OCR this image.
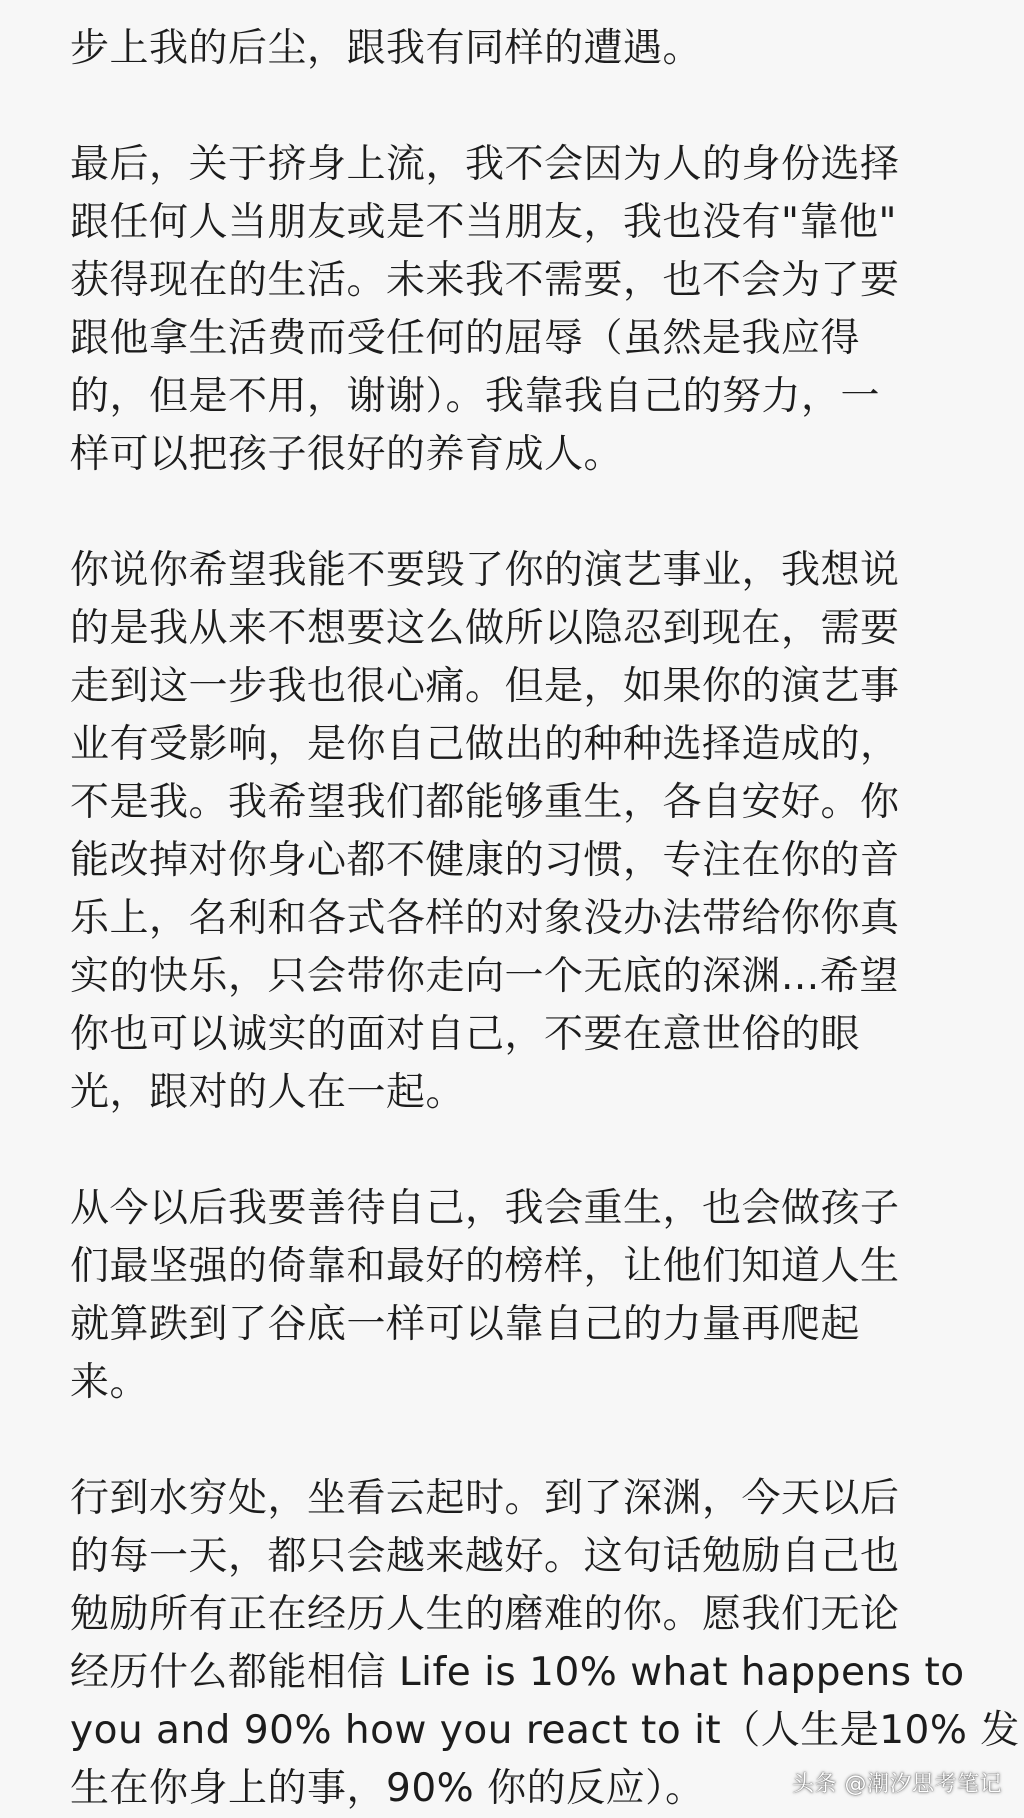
步上我的后尘，跟我有同样的遭遇。
最后，关于挤身上流，我不会因为人的身份选择
跟任何人当朋友或是不当朋友，我也没有"靠他"
获得现在的生活。未来我不需要，也不会为了要
跟他拿生活费而受任何的屈辱（虽然是我应得
的，但是不用，谢谢）。我靠我自己的努力，一
样可以把孩子很好的养育成人。
你说你希望我能不要毁了你的演艺事业，我想说
的是我从来不想要这么做所以隐忍到现在，需要
走到这一步我也很心痛。但是，如果你的演艺事
业有受影响，是你自己做出的种种选择造成的，
不是我。我希望我们都能够重生，各自安好。你
能改掉对你身心都不健康的习惯，专注在你的音
乐上，名利和各式各样的对象没办法带给你你真
实的快乐，只会带你走向一个无底的深渊...希望
你也可以诚实的面对自己，不要在意世俗的眼
光，跟对的人在一起。
从今以后我要善待自己，我会重生，也会做孩子
们最坚强的倚靠和最好的榜样，让他们知道人生
就算跌到了谷底一样可以靠自己的力量再爬起
来。
行到水穷处，坐看云起时。到了深渊，今天以后
的每一天，都只会越来越好。这句话勉励自己也
勉励所有正在经历人生的磨难的你。愿我们无论
经历什么都能相信 Life is 10% what happens to
you and 90% how you react to it（人生是10% 发
生在你身上的事，90% 你的反应）。	头条 @潮汐思考笔记
